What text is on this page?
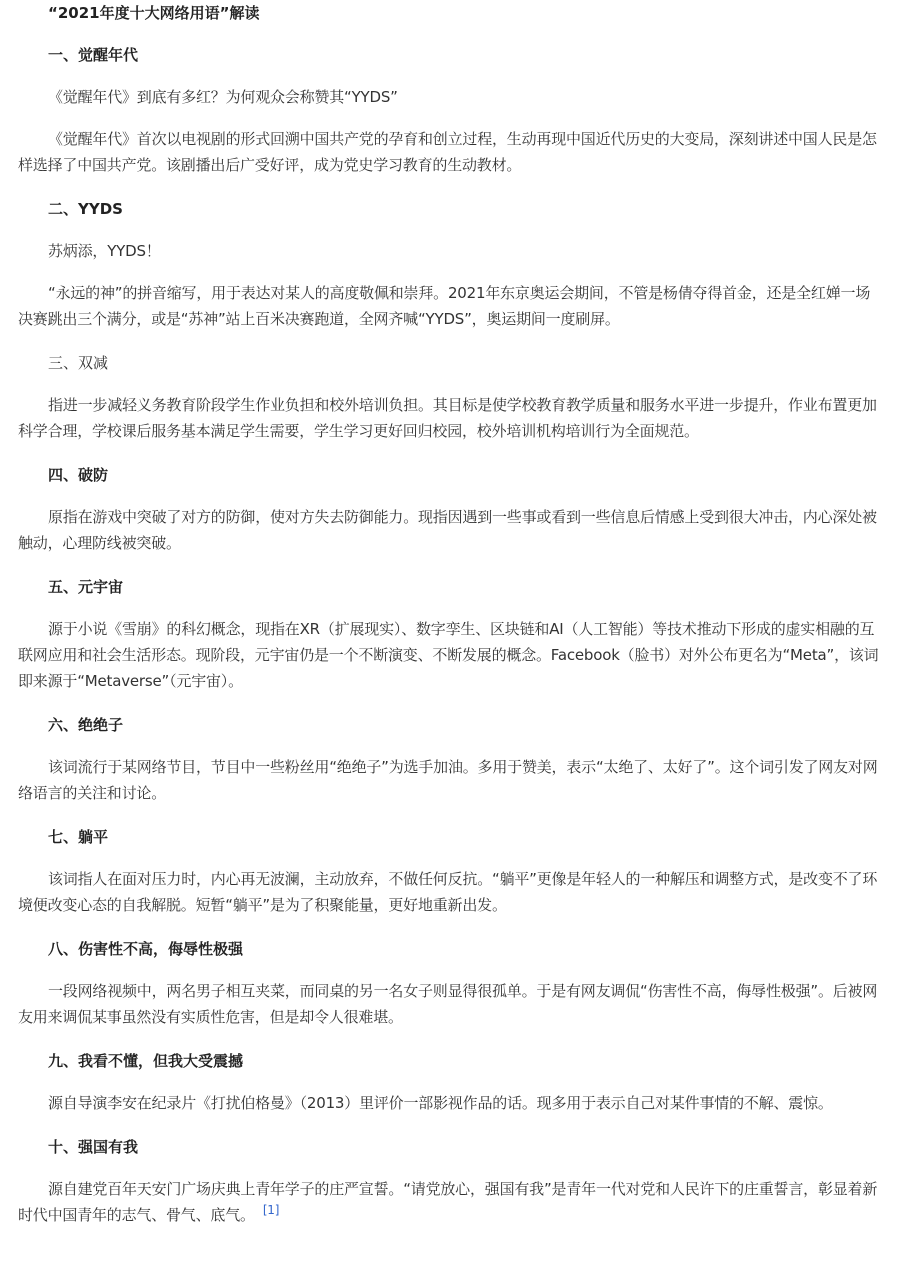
“2021年度十大网络用语”解读
一、觉醒年代

《觉醒年代》到底有多红？为何观众会称赞其“YYDS”

《觉醒年代》首次以电视剧的形式回溯中国共产党的孕育和创立过程，生动再现中国近代历史的大变局，深刻讲述中国人民是怎样选择了中国共产党。该剧播出后广受好评，成为党史学习教育的生动教材。

二、YYDS

苏炳添，YYDS！

“永远的神”的拼音缩写，用于表达对某人的高度敬佩和崇拜。2021年东京奥运会期间，不管是杨倩夺得首金，还是全红婵一场决赛跳出三个满分，或是“苏神”站上百米决赛跑道，全网齐喊“YYDS”，奥运期间一度刷屏。

三、双减

指进一步减轻义务教育阶段学生作业负担和校外培训负担。其目标是使学校教育教学质量和服务水平进一步提升，作业布置更加科学合理，学校课后服务基本满足学生需要，学生学习更好回归校园，校外培训机构培训行为全面规范。

四、破防

原指在游戏中突破了对方的防御，使对方失去防御能力。现指因遇到一些事或看到一些信息后情感上受到很大冲击，内心深处被触动，心理防线被突破。

五、元宇宙

源于小说《雪崩》的科幻概念，现指在XR（扩展现实）、数字孪生、区块链和AI（人工智能）等技术推动下形成的虚实相融的互联网应用和社会生活形态。现阶段，元宇宙仍是一个不断演变、不断发展的概念。Facebook（脸书）对外公布更名为“Meta”，该词即来源于“Metaverse”（元宇宙）。

六、绝绝子

该词流行于某网络节目，节目中一些粉丝用“绝绝子”为选手加油。多用于赞美，表示“太绝了、太好了”。这个词引发了网友对网络语言的关注和讨论。

七、躺平

该词指人在面对压力时，内心再无波澜，主动放弃，不做任何反抗。“躺平”更像是年轻人的一种解压和调整方式，是改变不了环境便改变心态的自我解脱。短暂“躺平”是为了积聚能量，更好地重新出发。

八、伤害性不高，侮辱性极强

一段网络视频中，两名男子相互夹菜，而同桌的另一名女子则显得很孤单。于是有网友调侃“伤害性不高，侮辱性极强”。后被网友用来调侃某事虽然没有实质性危害，但是却令人很难堪。

九、我看不懂，但我大受震撼

源自导演李安在纪录片《打扰伯格曼》（2013）里评价一部影视作品的话。现多用于表示自己对某件事情的不解、震惊。

十、强国有我

源自建党百年天安门广场庆典上青年学子的庄严宣誓。“请党放心，强国有我”是青年一代对党和人民许下的庄重誓言，彰显着新时代中国青年的志气、骨气、底气。 [1]
